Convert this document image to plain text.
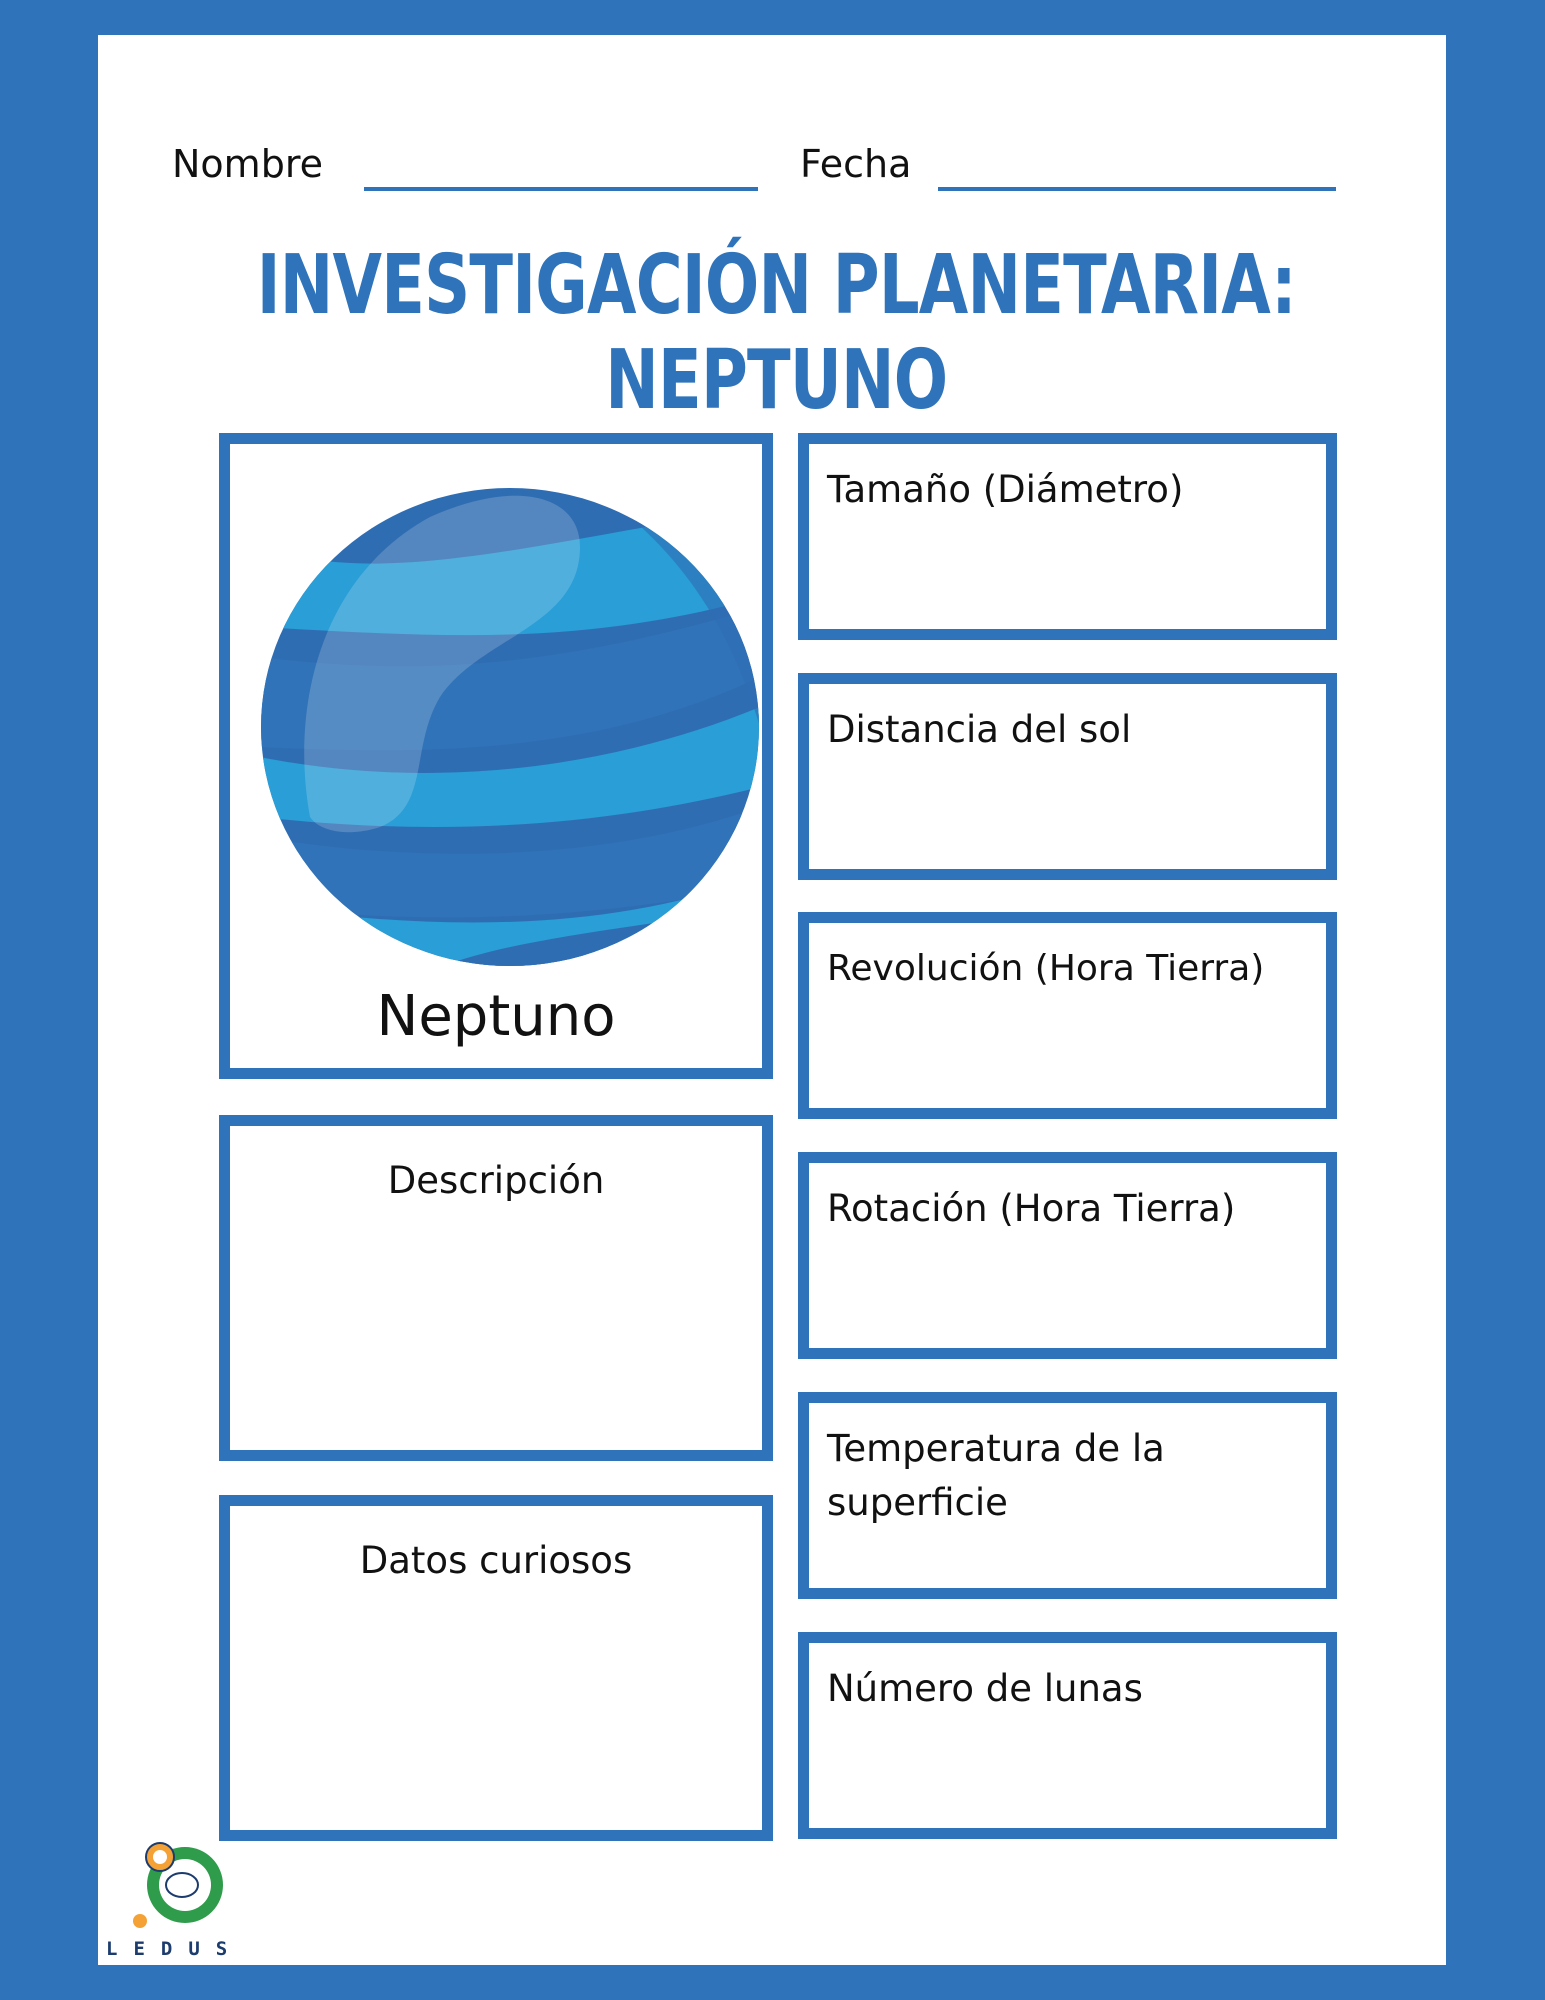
Nombre	Fecha
INVESTIGACIÓN PLANETARIA: NEPTUNO
Neptuno
Descripción
Datos curiosos
Tamaño (Diámetro)
Distancia del sol
Revolución (Hora Tierra)
Rotación (Hora Tierra)
Temperatura de la superficie
Número de lunas
LEDUS
